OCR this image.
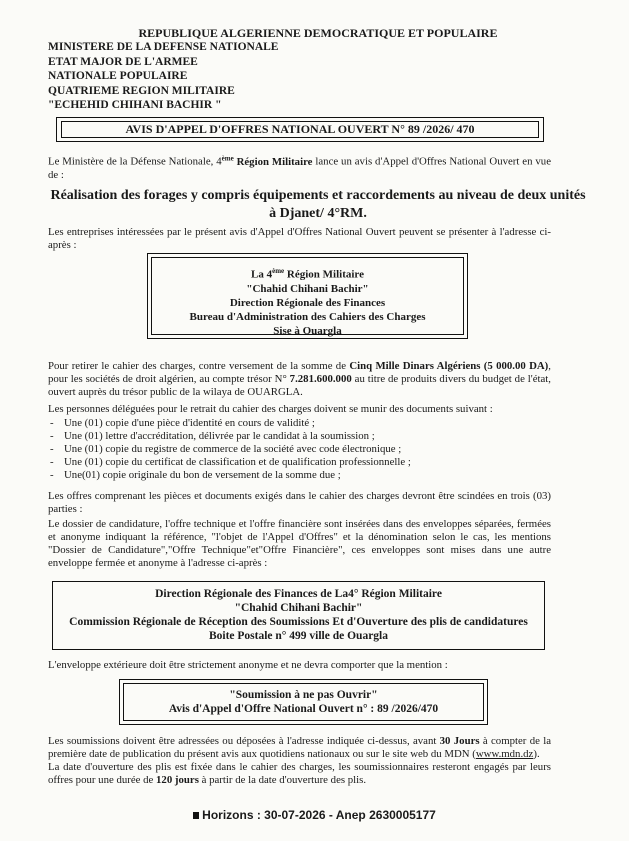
REPUBLIQUE ALGERIENNE DEMOCRATIQUE ET POPULAIRE
MINISTERE DE LA DEFENSE NATIONALE
ETAT MAJOR DE L'ARMEE
NATIONALE POPULAIRE
QUATRIEME REGION MILITAIRE
"ECHEHID CHIHANI BACHIR "
AVIS D'APPEL D'OFFRES NATIONAL OUVERT N° 89 /2026/ 470
Le Ministère de la Défense Nationale, 4ème Région Militaire lance un avis d'Appel d'Offres National Ouvert en vue de :
Réalisation des forages y compris équipements et raccordements au niveau de deux unités à Djanet/ 4°RM.
Les entreprises intéressées par le présent avis d'Appel d'Offres National Ouvert peuvent se présenter à l'adresse ci-après :
La 4ème Région Militaire
"Chahid Chihani Bachir"
Direction Régionale des Finances
Bureau d'Administration des Cahiers des Charges
Sise à Ouargla
Pour retirer le cahier des charges, contre versement de la somme de Cinq Mille Dinars Algériens (5 000.00 DA), pour les sociétés de droit algérien, au compte trésor N° 7.281.600.000 au titre de produits divers du budget de l'état, ouvert auprès du trésor public de la wilaya de OUARGLA.
Les personnes déléguées pour le retrait du cahier des charges doivent se munir des documents suivant :
- Une (01) copie d'une pièce d'identité en cours de validité ;
- Une (01) lettre d'accréditation, délivrée par le candidat à la soumission ;
- Une (01) copie du registre de commerce de la société avec code électronique ;
- Une (01) copie du certificat de classification et de qualification professionnelle ;
- Une(01) copie originale du bon de versement de la somme due ;
Les offres comprenant les pièces et documents exigés dans le cahier des charges devront être scindées en trois (03) parties :
Le dossier de candidature, l'offre technique et l'offre financière sont insérées dans des enveloppes séparées, fermées et anonyme indiquant la référence, "l'objet de l'Appel d'Offres" et la dénomination selon le cas, les mentions "Dossier de Candidature","Offre Technique"et"Offre Financière", ces enveloppes sont mises dans une autre enveloppe fermée et anonyme à l'adresse ci-après :
Direction Régionale des Finances de La4° Région Militaire
"Chahid Chihani Bachir"
Commission Régionale de Réception des Soumissions Et d'Ouverture des plis de candidatures
Boite Postale n° 499 ville de Ouargla
L'enveloppe extérieure doit être strictement anonyme et ne devra comporter que la mention :
"Soumission à ne pas Ouvrir"
Avis d'Appel d'Offre National Ouvert n° : 89 /2026/470
Les soumissions doivent être adressées ou déposées à l'adresse indiquée ci-dessus, avant 30 Jours à compter de la première date de publication du présent avis aux quotidiens nationaux ou sur le site web du MDN (www.mdn.dz).
La date d'ouverture des plis est fixée dans le cahier des charges, les soumissionnaires resteront engagés par leurs offres pour une durée de 120 jours à partir de la date d'ouverture des plis.
Horizons : 30-07-2026 - Anep 2630005177
